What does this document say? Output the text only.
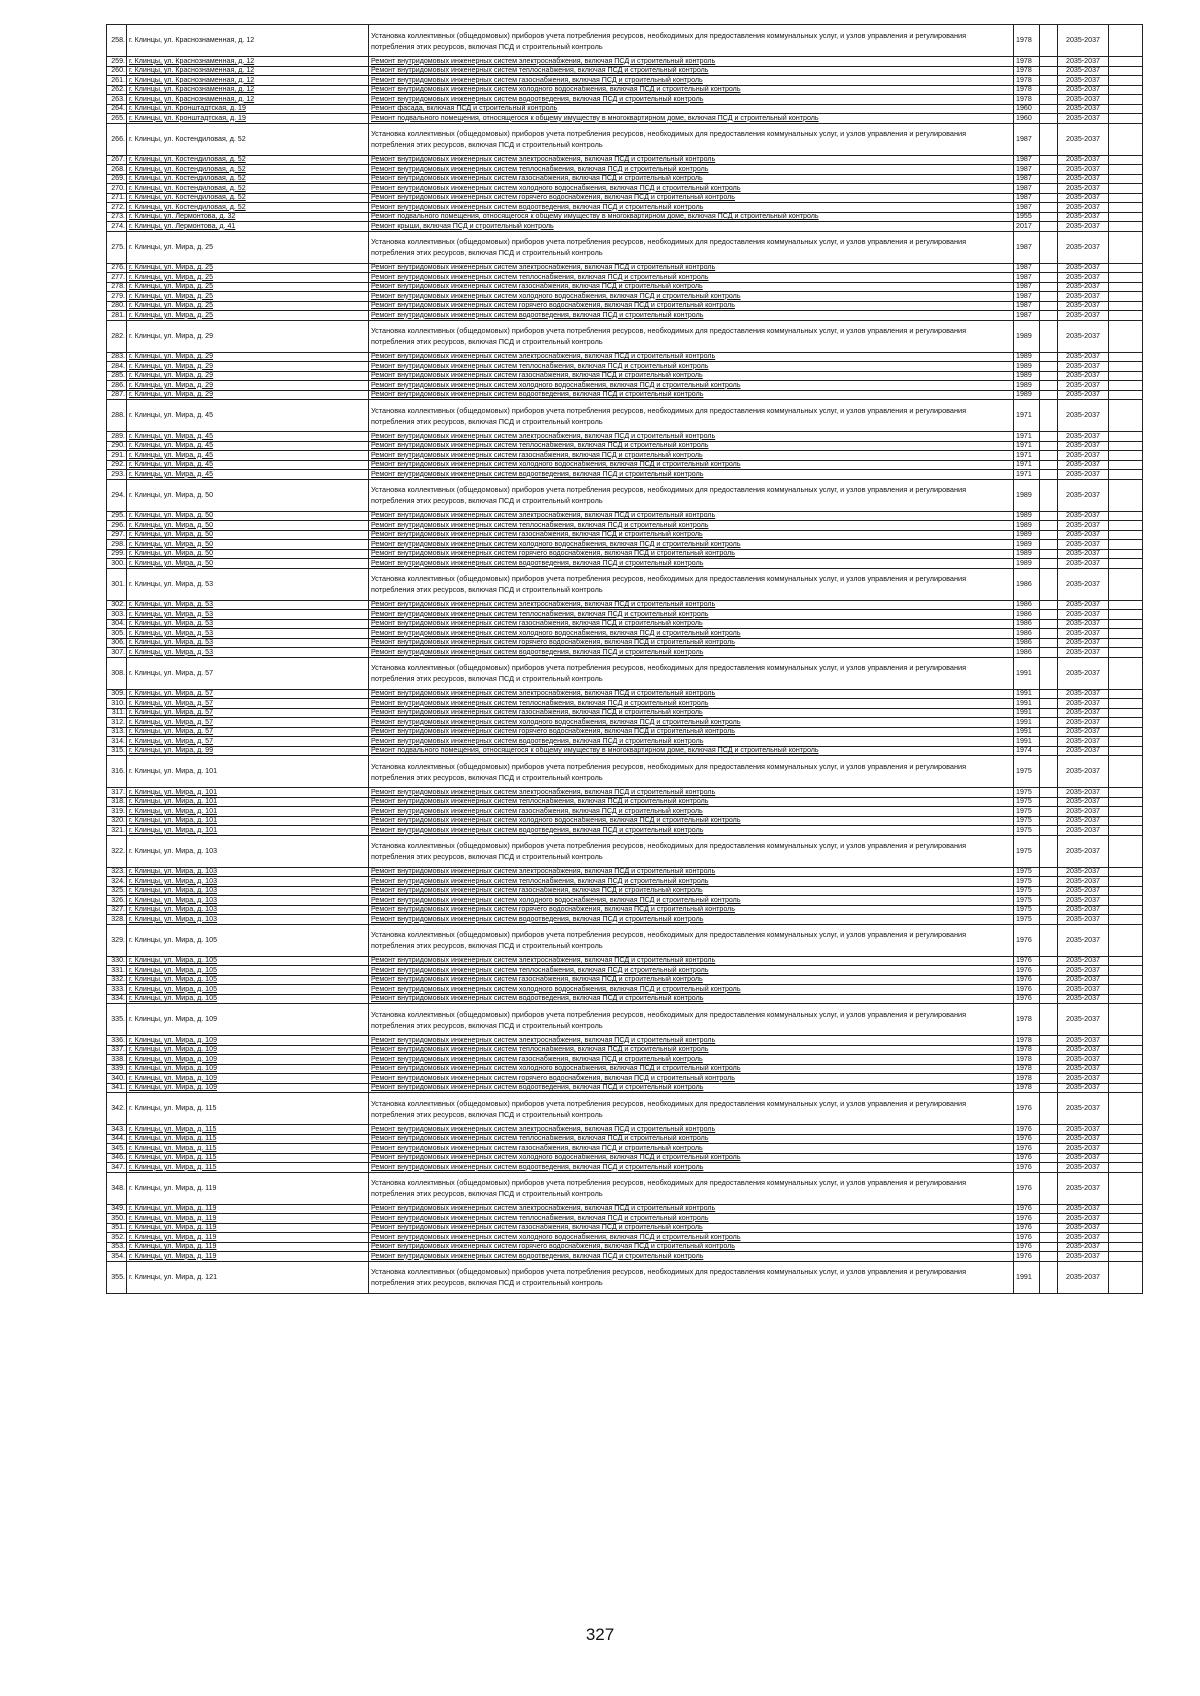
258.	г. Клинцы, ул. Краснознаменная, д. 12	Установка коллективных (общедомовых) приборов учета потребления ресурсов, необходимых для предоставления коммунальных услуг, и узлов управления и регулирования потребления этих ресурсов, включая ПСД и строительный контроль	1978		2035-2037	
259.	г. Клинцы, ул. Краснознаменная, д. 12	Ремонт внутридомовых инженерных систем электроснабжения, включая ПСД и строительный контроль	1978		2035-2037	
260.	г. Клинцы, ул. Краснознаменная, д. 12	Ремонт внутридомовых инженерных систем теплоснабжения, включая ПСД и строительный контроль	1978		2035-2037	
261.	г. Клинцы, ул. Краснознаменная, д. 12	Ремонт внутридомовых инженерных систем газоснабжения, включая ПСД и строительный контроль	1978		2035-2037	
262.	г. Клинцы, ул. Краснознаменная, д. 12	Ремонт внутридомовых инженерных систем холодного водоснабжения, включая ПСД и строительный контроль	1978		2035-2037	
263.	г. Клинцы, ул. Краснознаменная, д. 12	Ремонт внутридомовых инженерных систем водоотведения, включая ПСД и строительный контроль	1978		2035-2037	
264.	г. Клинцы, ул. Кронштадтская, д. 19	Ремонт фасада, включая ПСД и строительный контроль	1960		2035-2037	
265.	г. Клинцы, ул. Кронштадтская, д. 19	Ремонт подвального помещения, относящегося к общему имуществу в многоквартирном доме, включая ПСД и строительный контроль	1960		2035-2037	
266.	г. Клинцы, ул. Костендиловая, д. 52	Установка коллективных (общедомовых) приборов учета потребления ресурсов, необходимых для предоставления коммунальных услуг, и узлов управления и регулирования потребления этих ресурсов, включая ПСД и строительный контроль	1987		2035-2037	
267.	г. Клинцы, ул. Костендиловая, д. 52	Ремонт внутридомовых инженерных систем электроснабжения, включая ПСД и строительный контроль	1987		2035-2037	
268.	г. Клинцы, ул. Костендиловая, д. 52	Ремонт внутридомовых инженерных систем теплоснабжения, включая ПСД и строительный контроль	1987		2035-2037	
269.	г. Клинцы, ул. Костендиловая, д. 52	Ремонт внутридомовых инженерных систем газоснабжения, включая ПСД и строительный контроль	1987		2035-2037	
270.	г. Клинцы, ул. Костендиловая, д. 52	Ремонт внутридомовых инженерных систем холодного водоснабжения, включая ПСД и строительный контроль	1987		2035-2037	
271.	г. Клинцы, ул. Костендиловая, д. 52	Ремонт внутридомовых инженерных систем горячего водоснабжения, включая ПСД и строительный контроль	1987		2035-2037	
272.	г. Клинцы, ул. Костендиловая, д. 52	Ремонт внутридомовых инженерных систем водоотведения, включая ПСД и строительный контроль	1987		2035-2037	
273.	г. Клинцы, ул. Лермонтова, д. 32	Ремонт подвального помещения, относящегося к общему имуществу в многоквартирном доме, включая ПСД и строительный контроль	1955		2035-2037	
274.	г. Клинцы, ул. Лермонтова, д. 41	Ремонт крыши, включая ПСД и строительный контроль	2017		2035-2037	
275.	г. Клинцы, ул. Мира, д. 25	Установка коллективных (общедомовых) приборов учета потребления ресурсов, необходимых для предоставления коммунальных услуг, и узлов управления и регулирования потребления этих ресурсов, включая ПСД и строительный контроль	1987		2035-2037	
276.	г. Клинцы, ул. Мира, д. 25	Ремонт внутридомовых инженерных систем электроснабжения, включая ПСД и строительный контроль	1987		2035-2037	
277.	г. Клинцы, ул. Мира, д. 25	Ремонт внутридомовых инженерных систем теплоснабжения, включая ПСД и строительный контроль	1987		2035-2037	
278.	г. Клинцы, ул. Мира, д. 25	Ремонт внутридомовых инженерных систем газоснабжения, включая ПСД и строительный контроль	1987		2035-2037	
279.	г. Клинцы, ул. Мира, д. 25	Ремонт внутридомовых инженерных систем холодного водоснабжения, включая ПСД и строительный контроль	1987		2035-2037	
280.	г. Клинцы, ул. Мира, д. 25	Ремонт внутридомовых инженерных систем горячего водоснабжения, включая ПСД и строительный контроль	1987		2035-2037	
281.	г. Клинцы, ул. Мира, д. 25	Ремонт внутридомовых инженерных систем водоотведения, включая ПСД и строительный контроль	1987		2035-2037	
282.	г. Клинцы, ул. Мира, д. 29	Установка коллективных (общедомовых) приборов учета потребления ресурсов, необходимых для предоставления коммунальных услуг, и узлов управления и регулирования потребления этих ресурсов, включая ПСД и строительный контроль	1989		2035-2037	
283.	г. Клинцы, ул. Мира, д. 29	Ремонт внутридомовых инженерных систем электроснабжения, включая ПСД и строительный контроль	1989		2035-2037	
284.	г. Клинцы, ул. Мира, д. 29	Ремонт внутридомовых инженерных систем теплоснабжения, включая ПСД и строительный контроль	1989		2035-2037	
285.	г. Клинцы, ул. Мира, д. 29	Ремонт внутридомовых инженерных систем газоснабжения, включая ПСД и строительный контроль	1989		2035-2037	
286.	г. Клинцы, ул. Мира, д. 29	Ремонт внутридомовых инженерных систем холодного водоснабжения, включая ПСД и строительный контроль	1989		2035-2037	
287.	г. Клинцы, ул. Мира, д. 29	Ремонт внутридомовых инженерных систем водоотведения, включая ПСД и строительный контроль	1989		2035-2037	
288.	г. Клинцы, ул. Мира, д. 45	Установка коллективных (общедомовых) приборов учета потребления ресурсов, необходимых для предоставления коммунальных услуг, и узлов управления и регулирования потребления этих ресурсов, включая ПСД и строительный контроль	1971		2035-2037	
289.	г. Клинцы, ул. Мира, д. 45	Ремонт внутридомовых инженерных систем электроснабжения, включая ПСД и строительный контроль	1971		2035-2037	
290.	г. Клинцы, ул. Мира, д. 45	Ремонт внутридомовых инженерных систем теплоснабжения, включая ПСД и строительный контроль	1971		2035-2037	
291.	г. Клинцы, ул. Мира, д. 45	Ремонт внутридомовых инженерных систем газоснабжения, включая ПСД и строительный контроль	1971		2035-2037	
292.	г. Клинцы, ул. Мира, д. 45	Ремонт внутридомовых инженерных систем холодного водоснабжения, включая ПСД и строительный контроль	1971		2035-2037	
293.	г. Клинцы, ул. Мира, д. 45	Ремонт внутридомовых инженерных систем водоотведения, включая ПСД и строительный контроль	1971		2035-2037	
294.	г. Клинцы, ул. Мира, д. 50	Установка коллективных (общедомовых) приборов учета потребления ресурсов, необходимых для предоставления коммунальных услуг, и узлов управления и регулирования потребления этих ресурсов, включая ПСД и строительный контроль	1989		2035-2037	
295.	г. Клинцы, ул. Мира, д. 50	Ремонт внутридомовых инженерных систем электроснабжения, включая ПСД и строительный контроль	1989		2035-2037	
296.	г. Клинцы, ул. Мира, д. 50	Ремонт внутридомовых инженерных систем теплоснабжения, включая ПСД и строительный контроль	1989		2035-2037	
297.	г. Клинцы, ул. Мира, д. 50	Ремонт внутридомовых инженерных систем газоснабжения, включая ПСД и строительный контроль	1989		2035-2037	
298.	г. Клинцы, ул. Мира, д. 50	Ремонт внутридомовых инженерных систем холодного водоснабжения, включая ПСД и строительный контроль	1989		2035-2037	
299.	г. Клинцы, ул. Мира, д. 50	Ремонт внутридомовых инженерных систем горячего водоснабжения, включая ПСД и строительный контроль	1989		2035-2037	
300.	г. Клинцы, ул. Мира, д. 50	Ремонт внутридомовых инженерных систем водоотведения, включая ПСД и строительный контроль	1989		2035-2037	
301.	г. Клинцы, ул. Мира, д. 53	Установка коллективных (общедомовых) приборов учета потребления ресурсов, необходимых для предоставления коммунальных услуг, и узлов управления и регулирования потребления этих ресурсов, включая ПСД и строительный контроль	1986		2035-2037	
302.	г. Клинцы, ул. Мира, д. 53	Ремонт внутридомовых инженерных систем электроснабжения, включая ПСД и строительный контроль	1986		2035-2037	
303.	г. Клинцы, ул. Мира, д. 53	Ремонт внутридомовых инженерных систем теплоснабжения, включая ПСД и строительный контроль	1986		2035-2037	
304.	г. Клинцы, ул. Мира, д. 53	Ремонт внутридомовых инженерных систем газоснабжения, включая ПСД и строительный контроль	1986		2035-2037	
305.	г. Клинцы, ул. Мира, д. 53	Ремонт внутридомовых инженерных систем холодного водоснабжения, включая ПСД и строительный контроль	1986		2035-2037	
306.	г. Клинцы, ул. Мира, д. 53	Ремонт внутридомовых инженерных систем горячего водоснабжения, включая ПСД и строительный контроль	1986		2035-2037	
307.	г. Клинцы, ул. Мира, д. 53	Ремонт внутридомовых инженерных систем водоотведения, включая ПСД и строительный контроль	1986		2035-2037	
308.	г. Клинцы, ул. Мира, д. 57	Установка коллективных (общедомовых) приборов учета потребления ресурсов, необходимых для предоставления коммунальных услуг, и узлов управления и регулирования потребления этих ресурсов, включая ПСД и строительный контроль	1991		2035-2037	
309.	г. Клинцы, ул. Мира, д. 57	Ремонт внутридомовых инженерных систем электроснабжения, включая ПСД и строительный контроль	1991		2035-2037	
310.	г. Клинцы, ул. Мира, д. 57	Ремонт внутридомовых инженерных систем теплоснабжения, включая ПСД и строительный контроль	1991		2035-2037	
311.	г. Клинцы, ул. Мира, д. 57	Ремонт внутридомовых инженерных систем газоснабжения, включая ПСД и строительный контроль	1991		2035-2037	
312.	г. Клинцы, ул. Мира, д. 57	Ремонт внутридомовых инженерных систем холодного водоснабжения, включая ПСД и строительный контроль	1991		2035-2037	
313.	г. Клинцы, ул. Мира, д. 57	Ремонт внутридомовых инженерных систем горячего водоснабжения, включая ПСД и строительный контроль	1991		2035-2037	
314.	г. Клинцы, ул. Мира, д. 57	Ремонт внутридомовых инженерных систем водоотведения, включая ПСД и строительный контроль	1991		2035-2037	
315.	г. Клинцы, ул. Мира, д. 99	Ремонт подвального помещения, относящегося к общему имуществу в многоквартирном доме, включая ПСД и строительный контроль	1974		2035-2037	
316.	г. Клинцы, ул. Мира, д. 101	Установка коллективных (общедомовых) приборов учета потребления ресурсов, необходимых для предоставления коммунальных услуг, и узлов управления и регулирования потребления этих ресурсов, включая ПСД и строительный контроль	1975		2035-2037	
317.	г. Клинцы, ул. Мира, д. 101	Ремонт внутридомовых инженерных систем электроснабжения, включая ПСД и строительный контроль	1975		2035-2037	
318.	г. Клинцы, ул. Мира, д. 101	Ремонт внутридомовых инженерных систем теплоснабжения, включая ПСД и строительный контроль	1975		2035-2037	
319.	г. Клинцы, ул. Мира, д. 101	Ремонт внутридомовых инженерных систем газоснабжения, включая ПСД и строительный контроль	1975		2035-2037	
320.	г. Клинцы, ул. Мира, д. 101	Ремонт внутридомовых инженерных систем холодного водоснабжения, включая ПСД и строительный контроль	1975		2035-2037	
321.	г. Клинцы, ул. Мира, д. 101	Ремонт внутридомовых инженерных систем водоотведения, включая ПСД и строительный контроль	1975		2035-2037	
322.	г. Клинцы, ул. Мира, д. 103	Установка коллективных (общедомовых) приборов учета потребления ресурсов, необходимых для предоставления коммунальных услуг, и узлов управления и регулирования потребления этих ресурсов, включая ПСД и строительный контроль	1975		2035-2037	
323.	г. Клинцы, ул. Мира, д. 103	Ремонт внутридомовых инженерных систем электроснабжения, включая ПСД и строительный контроль	1975		2035-2037	
324.	г. Клинцы, ул. Мира, д. 103	Ремонт внутридомовых инженерных систем теплоснабжения, включая ПСД и строительный контроль	1975		2035-2037	
325.	г. Клинцы, ул. Мира, д. 103	Ремонт внутридомовых инженерных систем газоснабжения, включая ПСД и строительный контроль	1975		2035-2037	
326.	г. Клинцы, ул. Мира, д. 103	Ремонт внутридомовых инженерных систем холодного водоснабжения, включая ПСД и строительный контроль	1975		2035-2037	
327.	г. Клинцы, ул. Мира, д. 103	Ремонт внутридомовых инженерных систем горячего водоснабжения, включая ПСД и строительный контроль	1975		2035-2037	
328.	г. Клинцы, ул. Мира, д. 103	Ремонт внутридомовых инженерных систем водоотведения, включая ПСД и строительный контроль	1975		2035-2037	
329.	г. Клинцы, ул. Мира, д. 105	Установка коллективных (общедомовых) приборов учета потребления ресурсов, необходимых для предоставления коммунальных услуг, и узлов управления и регулирования потребления этих ресурсов, включая ПСД и строительный контроль	1976		2035-2037	
330.	г. Клинцы, ул. Мира, д. 105	Ремонт внутридомовых инженерных систем электроснабжения, включая ПСД и строительный контроль	1976		2035-2037	
331.	г. Клинцы, ул. Мира, д. 105	Ремонт внутридомовых инженерных систем теплоснабжения, включая ПСД и строительный контроль	1976		2035-2037	
332.	г. Клинцы, ул. Мира, д. 105	Ремонт внутридомовых инженерных систем газоснабжения, включая ПСД и строительный контроль	1976		2035-2037	
333.	г. Клинцы, ул. Мира, д. 105	Ремонт внутридомовых инженерных систем холодного водоснабжения, включая ПСД и строительный контроль	1976		2035-2037	
334.	г. Клинцы, ул. Мира, д. 105	Ремонт внутридомовых инженерных систем водоотведения, включая ПСД и строительный контроль	1976		2035-2037	
335.	г. Клинцы, ул. Мира, д. 109	Установка коллективных (общедомовых) приборов учета потребления ресурсов, необходимых для предоставления коммунальных услуг, и узлов управления и регулирования потребления этих ресурсов, включая ПСД и строительный контроль	1978		2035-2037	
336.	г. Клинцы, ул. Мира, д. 109	Ремонт внутридомовых инженерных систем электроснабжения, включая ПСД и строительный контроль	1978		2035-2037	
337.	г. Клинцы, ул. Мира, д. 109	Ремонт внутридомовых инженерных систем теплоснабжения, включая ПСД и строительный контроль	1978		2035-2037	
338.	г. Клинцы, ул. Мира, д. 109	Ремонт внутридомовых инженерных систем газоснабжения, включая ПСД и строительный контроль	1978		2035-2037	
339.	г. Клинцы, ул. Мира, д. 109	Ремонт внутридомовых инженерных систем холодного водоснабжения, включая ПСД и строительный контроль	1978		2035-2037	
340.	г. Клинцы, ул. Мира, д. 109	Ремонт внутридомовых инженерных систем горячего водоснабжения, включая ПСД и строительный контроль	1978		2035-2037	
341.	г. Клинцы, ул. Мира, д. 109	Ремонт внутридомовых инженерных систем водоотведения, включая ПСД и строительный контроль	1978		2035-2037	
342.	г. Клинцы, ул. Мира, д. 115	Установка коллективных (общедомовых) приборов учета потребления ресурсов, необходимых для предоставления коммунальных услуг, и узлов управления и регулирования потребления этих ресурсов, включая ПСД и строительный контроль	1976		2035-2037	
343.	г. Клинцы, ул. Мира, д. 115	Ремонт внутридомовых инженерных систем электроснабжения, включая ПСД и строительный контроль	1976		2035-2037	
344.	г. Клинцы, ул. Мира, д. 115	Ремонт внутридомовых инженерных систем теплоснабжения, включая ПСД и строительный контроль	1976		2035-2037	
345.	г. Клинцы, ул. Мира, д. 115	Ремонт внутридомовых инженерных систем газоснабжения, включая ПСД и строительный контроль	1976		2035-2037	
346.	г. Клинцы, ул. Мира, д. 115	Ремонт внутридомовых инженерных систем холодного водоснабжения, включая ПСД и строительный контроль	1976		2035-2037	
347.	г. Клинцы, ул. Мира, д. 115	Ремонт внутридомовых инженерных систем водоотведения, включая ПСД и строительный контроль	1976		2035-2037	
348.	г. Клинцы, ул. Мира, д. 119	Установка коллективных (общедомовых) приборов учета потребления ресурсов, необходимых для предоставления коммунальных услуг, и узлов управления и регулирования потребления этих ресурсов, включая ПСД и строительный контроль	1976		2035-2037	
349.	г. Клинцы, ул. Мира, д. 119	Ремонт внутридомовых инженерных систем электроснабжения, включая ПСД и строительный контроль	1976		2035-2037	
350.	г. Клинцы, ул. Мира, д. 119	Ремонт внутридомовых инженерных систем теплоснабжения, включая ПСД и строительный контроль	1976		2035-2037	
351.	г. Клинцы, ул. Мира, д. 119	Ремонт внутридомовых инженерных систем газоснабжения, включая ПСД и строительный контроль	1976		2035-2037	
352.	г. Клинцы, ул. Мира, д. 119	Ремонт внутридомовых инженерных систем холодного водоснабжения, включая ПСД и строительный контроль	1976		2035-2037	
353.	г. Клинцы, ул. Мира, д. 119	Ремонт внутридомовых инженерных систем горячего водоснабжения, включая ПСД и строительный контроль	1976		2035-2037	
354.	г. Клинцы, ул. Мира, д. 119	Ремонт внутридомовых инженерных систем водоотведения, включая ПСД и строительный контроль	1976		2035-2037	
355.	г. Клинцы, ул. Мира, д. 121	Установка коллективных (общедомовых) приборов учета потребления ресурсов, необходимых для предоставления коммунальных услуг, и узлов управления и регулирования потребления этих ресурсов, включая ПСД и строительный контроль	1991		2035-2037	
327
